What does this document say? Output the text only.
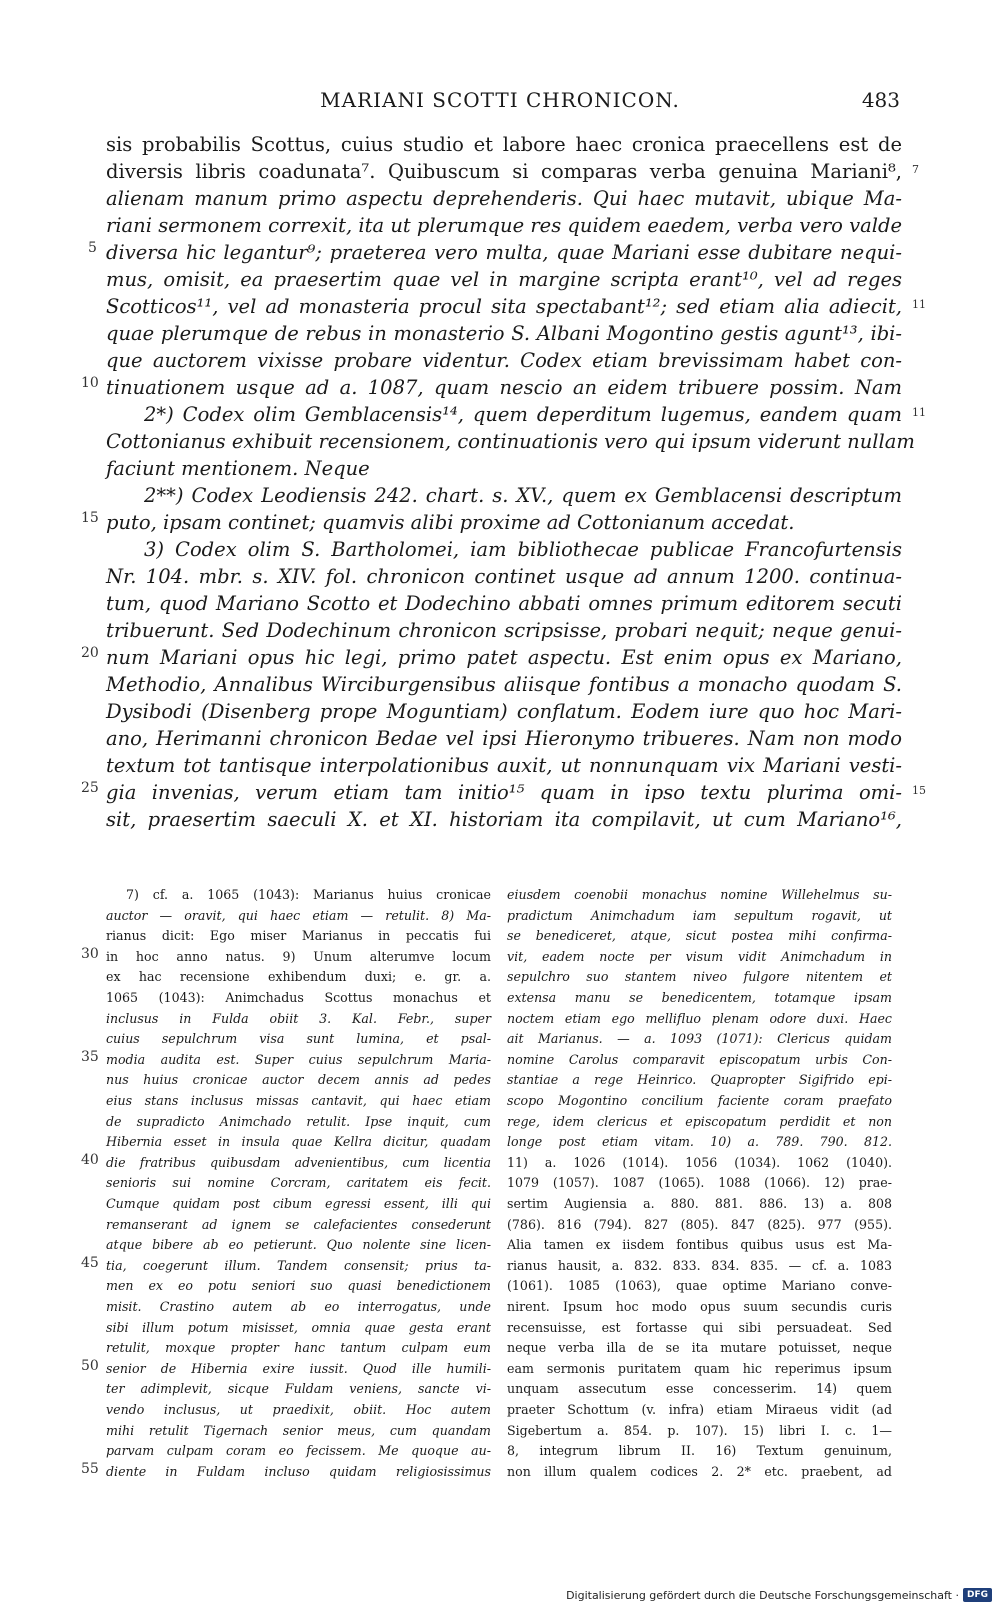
MARIANI SCOTTI CHRONICON.	483
sis probabilis Scottus, cuius studio et labore haec cronica praecellens est de
diversis libris coadunata⁷. Quibuscum si comparas verba genuina Mariani⁸,
alienam manum primo aspectu deprehenderis. Qui haec mutavit, ubique Ma-
riani sermonem correxit, ita ut plerumque res quidem eaedem, verba vero valde
diversa hic legantur⁹; praeterea vero multa, quae Mariani esse dubitare nequi-
mus, omisit, ea praesertim quae vel in margine scripta erant¹⁰, vel ad reges
Scotticos¹¹, vel ad monasteria procul sita spectabant¹²; sed etiam alia adiecit,
quae plerumque de rebus in monasterio S. Albani Mogontino gestis agunt¹³, ibi-
que auctorem vixisse probare videntur. Codex etiam brevissimam habet con-
tinuationem usque ad a. 1087, quam nescio an eidem tribuere possim. Nam
2*) Codex olim Gemblacensis¹⁴, quem deperditum lugemus, eandem quam
Cottonianus exhibuit recensionem, continuationis vero qui ipsum viderunt nullam
faciunt mentionem. Neque
2**) Codex Leodiensis 242. chart. s. XV., quem ex Gemblacensi descriptum
puto, ipsam continet; quamvis alibi proxime ad Cottonianum accedat.
3) Codex olim S. Bartholomei, iam bibliothecae publicae Francofurtensis
Nr. 104. mbr. s. XIV. fol. chronicon continet usque ad annum 1200. continua-
tum, quod Mariano Scotto et Dodechino abbati omnes primum editorem secuti
tribuerunt. Sed Dodechinum chronicon scripsisse, probari nequit; neque genui-
num Mariani opus hic legi, primo patet aspectu. Est enim opus ex Mariano,
Methodio, Annalibus Wirciburgensibus aliisque fontibus a monacho quodam S.
Dysibodi (Disenberg prope Moguntiam) conflatum. Eodem iure quo hoc Mari-
ano, Herimanni chronicon Bedae vel ipsi Hieronymo tribueres. Nam non modo
textum tot tantisque interpolationibus auxit, ut nonnunquam vix Mariani vesti-
gia invenias, verum etiam tam initio¹⁵ quam in ipso textu plurima omi-
sit, praesertim saeculi X. et XI. historiam ita compilavit, ut cum Mariano¹⁶,
5
10
15
20
25
7
11
11
15
7) cf. a. 1065 (1043): Marianus huius cronicae
auctor — oravit, qui haec etiam — retulit. 8) Ma-
rianus dicit: Ego miser Marianus in peccatis fui
in hoc anno natus. 9) Unum alterumve locum
ex hac recensione exhibendum duxi; e. gr. a.
1065 (1043): Animchadus Scottus monachus et
inclusus in Fulda obiit 3. Kal. Febr., super
cuius sepulchrum visa sunt lumina, et psal-
modia audita est. Super cuius sepulchrum Maria-
nus huius cronicae auctor decem annis ad pedes
eius stans inclusus missas cantavit, qui haec etiam
de supradicto Animchado retulit. Ipse inquit, cum
Hibernia esset in insula quae Kellra dicitur, quadam
die fratribus quibusdam advenientibus, cum licentia
senioris sui nomine Corcram, caritatem eis fecit.
Cumque quidam post cibum egressi essent, illi qui
remanserant ad ignem se calefacientes consederunt
atque bibere ab eo petierunt. Quo nolente sine licen-
tia, coegerunt illum. Tandem consensit; prius ta-
men ex eo potu seniori suo quasi benedictionem
misit. Crastino autem ab eo interrogatus, unde
sibi illum potum misisset, omnia quae gesta erant
retulit, moxque propter hanc tantum culpam eum
senior de Hibernia exire iussit. Quod ille humili-
ter adimplevit, sicque Fuldam veniens, sancte vi-
vendo inclusus, ut praedixit, obiit. Hoc autem
mihi retulit Tigernach senior meus, cum quandam
parvam culpam coram eo fecissem. Me quoque au-
diente in Fuldam incluso quidam religiosissimus
eiusdem coenobii monachus nomine Willehelmus su-
pradictum Animchadum iam sepultum rogavit, ut
se benediceret, atque, sicut postea mihi confirma-
vit, eadem nocte per visum vidit Animchadum in
sepulchro suo stantem niveo fulgore nitentem et
extensa manu se benedicentem, totamque ipsam
noctem etiam ego mellifluo plenam odore duxi. Haec
ait Marianus. — a. 1093 (1071): Clericus quidam
nomine Carolus comparavit episcopatum urbis Con-
stantiae a rege Heinrico. Quapropter Sigifrido epi-
scopo Mogontino concilium faciente coram praefato
rege, idem clericus et episcopatum perdidit et non
longe post etiam vitam. 10) a. 789. 790. 812.
11) a. 1026 (1014). 1056 (1034). 1062 (1040).
1079 (1057). 1087 (1065). 1088 (1066). 12) prae-
sertim Augiensia a. 880. 881. 886. 13) a. 808
(786). 816 (794). 827 (805). 847 (825). 977 (955).
Alia tamen ex iisdem fontibus quibus usus est Ma-
rianus hausit, a. 832. 833. 834. 835. — cf. a. 1083
(1061). 1085 (1063), quae optime Mariano conve-
nirent. Ipsum hoc modo opus suum secundis curis
recensuisse, est fortasse qui sibi persuadeat. Sed
neque verba illa de se ita mutare potuisset, neque
eam sermonis puritatem quam hic reperimus ipsum
unquam assecutum esse concesserim. 14) quem
praeter Schottum (v. infra) etiam Miraeus vidit (ad
Sigebertum a. 854. p. 107). 15) libri I. c. 1—
8, integrum librum II. 16) Textum genuinum,
non illum qualem codices 2. 2* etc. praebent, ad
30
35
40
45
50
55
Digitalisierung gefördert durch die Deutsche Forschungsgemeinschaft · DFG
